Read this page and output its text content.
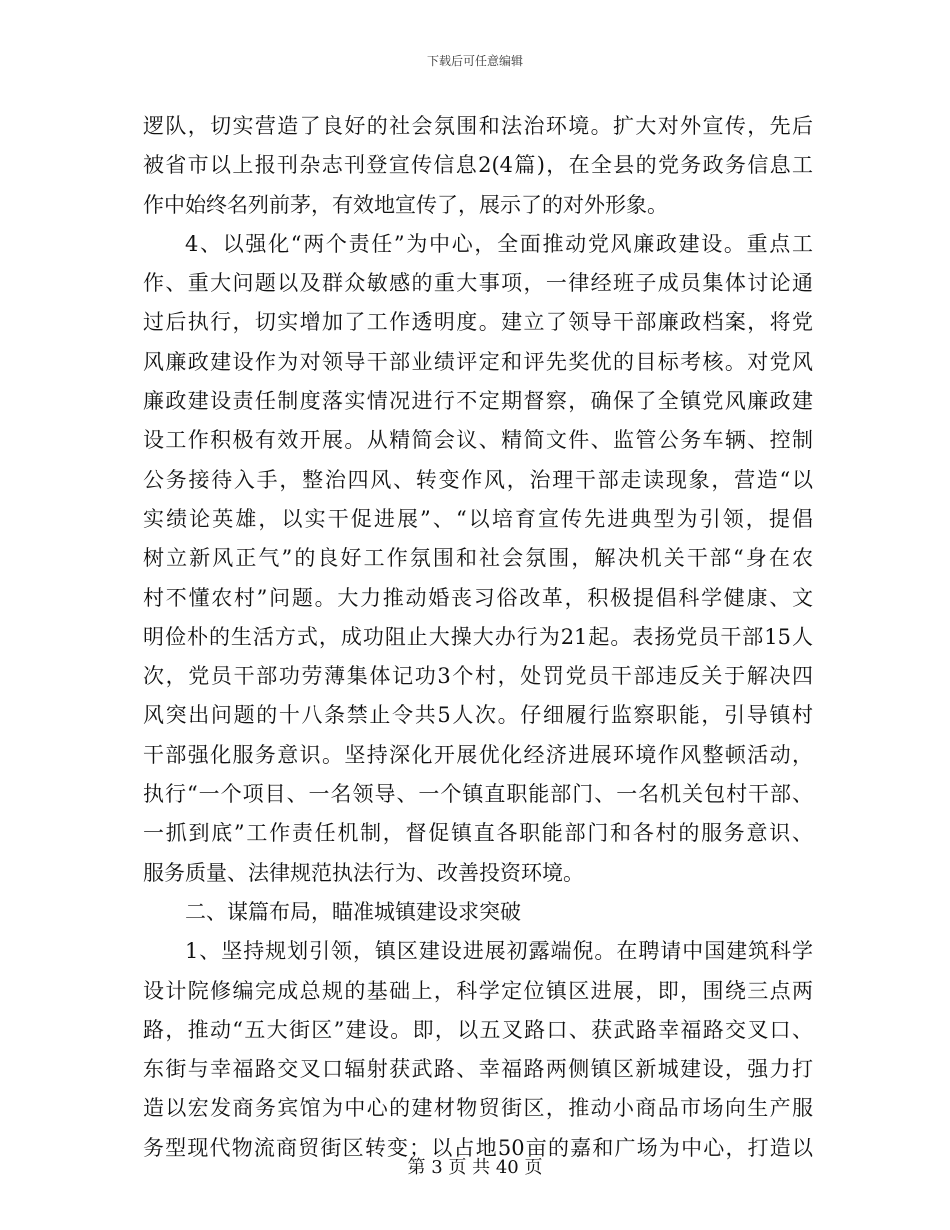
下载后可任意编辑
逻队，切实营造了良好的社会氛围和法治环境。扩大对外宣传，先后
被省市以上报刊杂志刊登宣传信息2(4篇)，在全县的党务政务信息工
作中始终名列前茅，有效地宣传了，展示了的对外形象。
4、以强化“两个责任”为中心，全面推动党风廉政建设。重点工
作、重大问题以及群众敏感的重大事项，一律经班子成员集体讨论通
过后执行，切实增加了工作透明度。建立了领导干部廉政档案，将党
风廉政建设作为对领导干部业绩评定和评先奖优的目标考核。对党风
廉政建设责任制度落实情况进行不定期督察，确保了全镇党风廉政建
设工作积极有效开展。从精简会议、精简文件、监管公务车辆、控制
公务接待入手，整治四风、转变作风，治理干部走读现象，营造“以
实绩论英雄，以实干促进展”、“以培育宣传先进典型为引领，提倡
树立新风正气”的良好工作氛围和社会氛围，解决机关干部“身在农
村不懂农村”问题。大力推动婚丧习俗改革，积极提倡科学健康、文
明俭朴的生活方式，成功阻止大操大办行为21起。表扬党员干部15人
次，党员干部功劳薄集体记功3个村，处罚党员干部违反关于解决四
风突出问题的十八条禁止令共5人次。仔细履行监察职能，引导镇村
干部强化服务意识。坚持深化开展优化经济进展环境作风整顿活动，
执行“一个项目、一名领导、一个镇直职能部门、一名机关包村干部、
一抓到底”工作责任机制，督促镇直各职能部门和各村的服务意识、
服务质量、法律规范执法行为、改善投资环境。
二、谋篇布局，瞄准城镇建设求突破
1、坚持规划引领，镇区建设进展初露端倪。在聘请中国建筑科学
设计院修编完成总规的基础上，科学定位镇区进展，即，围绕三点两
路，推动“五大街区”建设。即，以五叉路口、获武路幸福路交叉口、
东街与幸福路交叉口辐射获武路、幸福路两侧镇区新城建设，强力打
造以宏发商务宾馆为中心的建材物贸街区，推动小商品市场向生产服
务型现代物流商贸街区转变；以占地50亩的嘉和广场为中心，打造以
第 3 页 共 40 页
